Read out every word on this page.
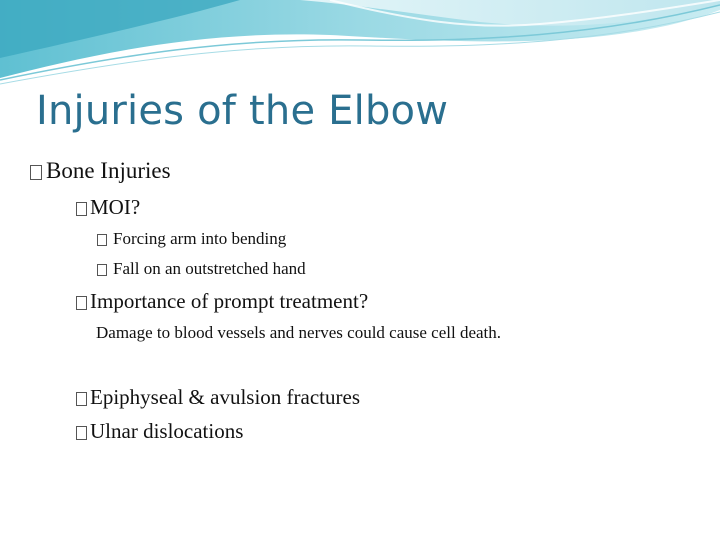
Injuries of the Elbow
Bone Injuries
MOI?
Forcing arm into bending
Fall on an outstretched hand
Importance of prompt treatment?
Damage to blood vessels and nerves could cause cell death.
Epiphyseal & avulsion fractures
Ulnar dislocations
